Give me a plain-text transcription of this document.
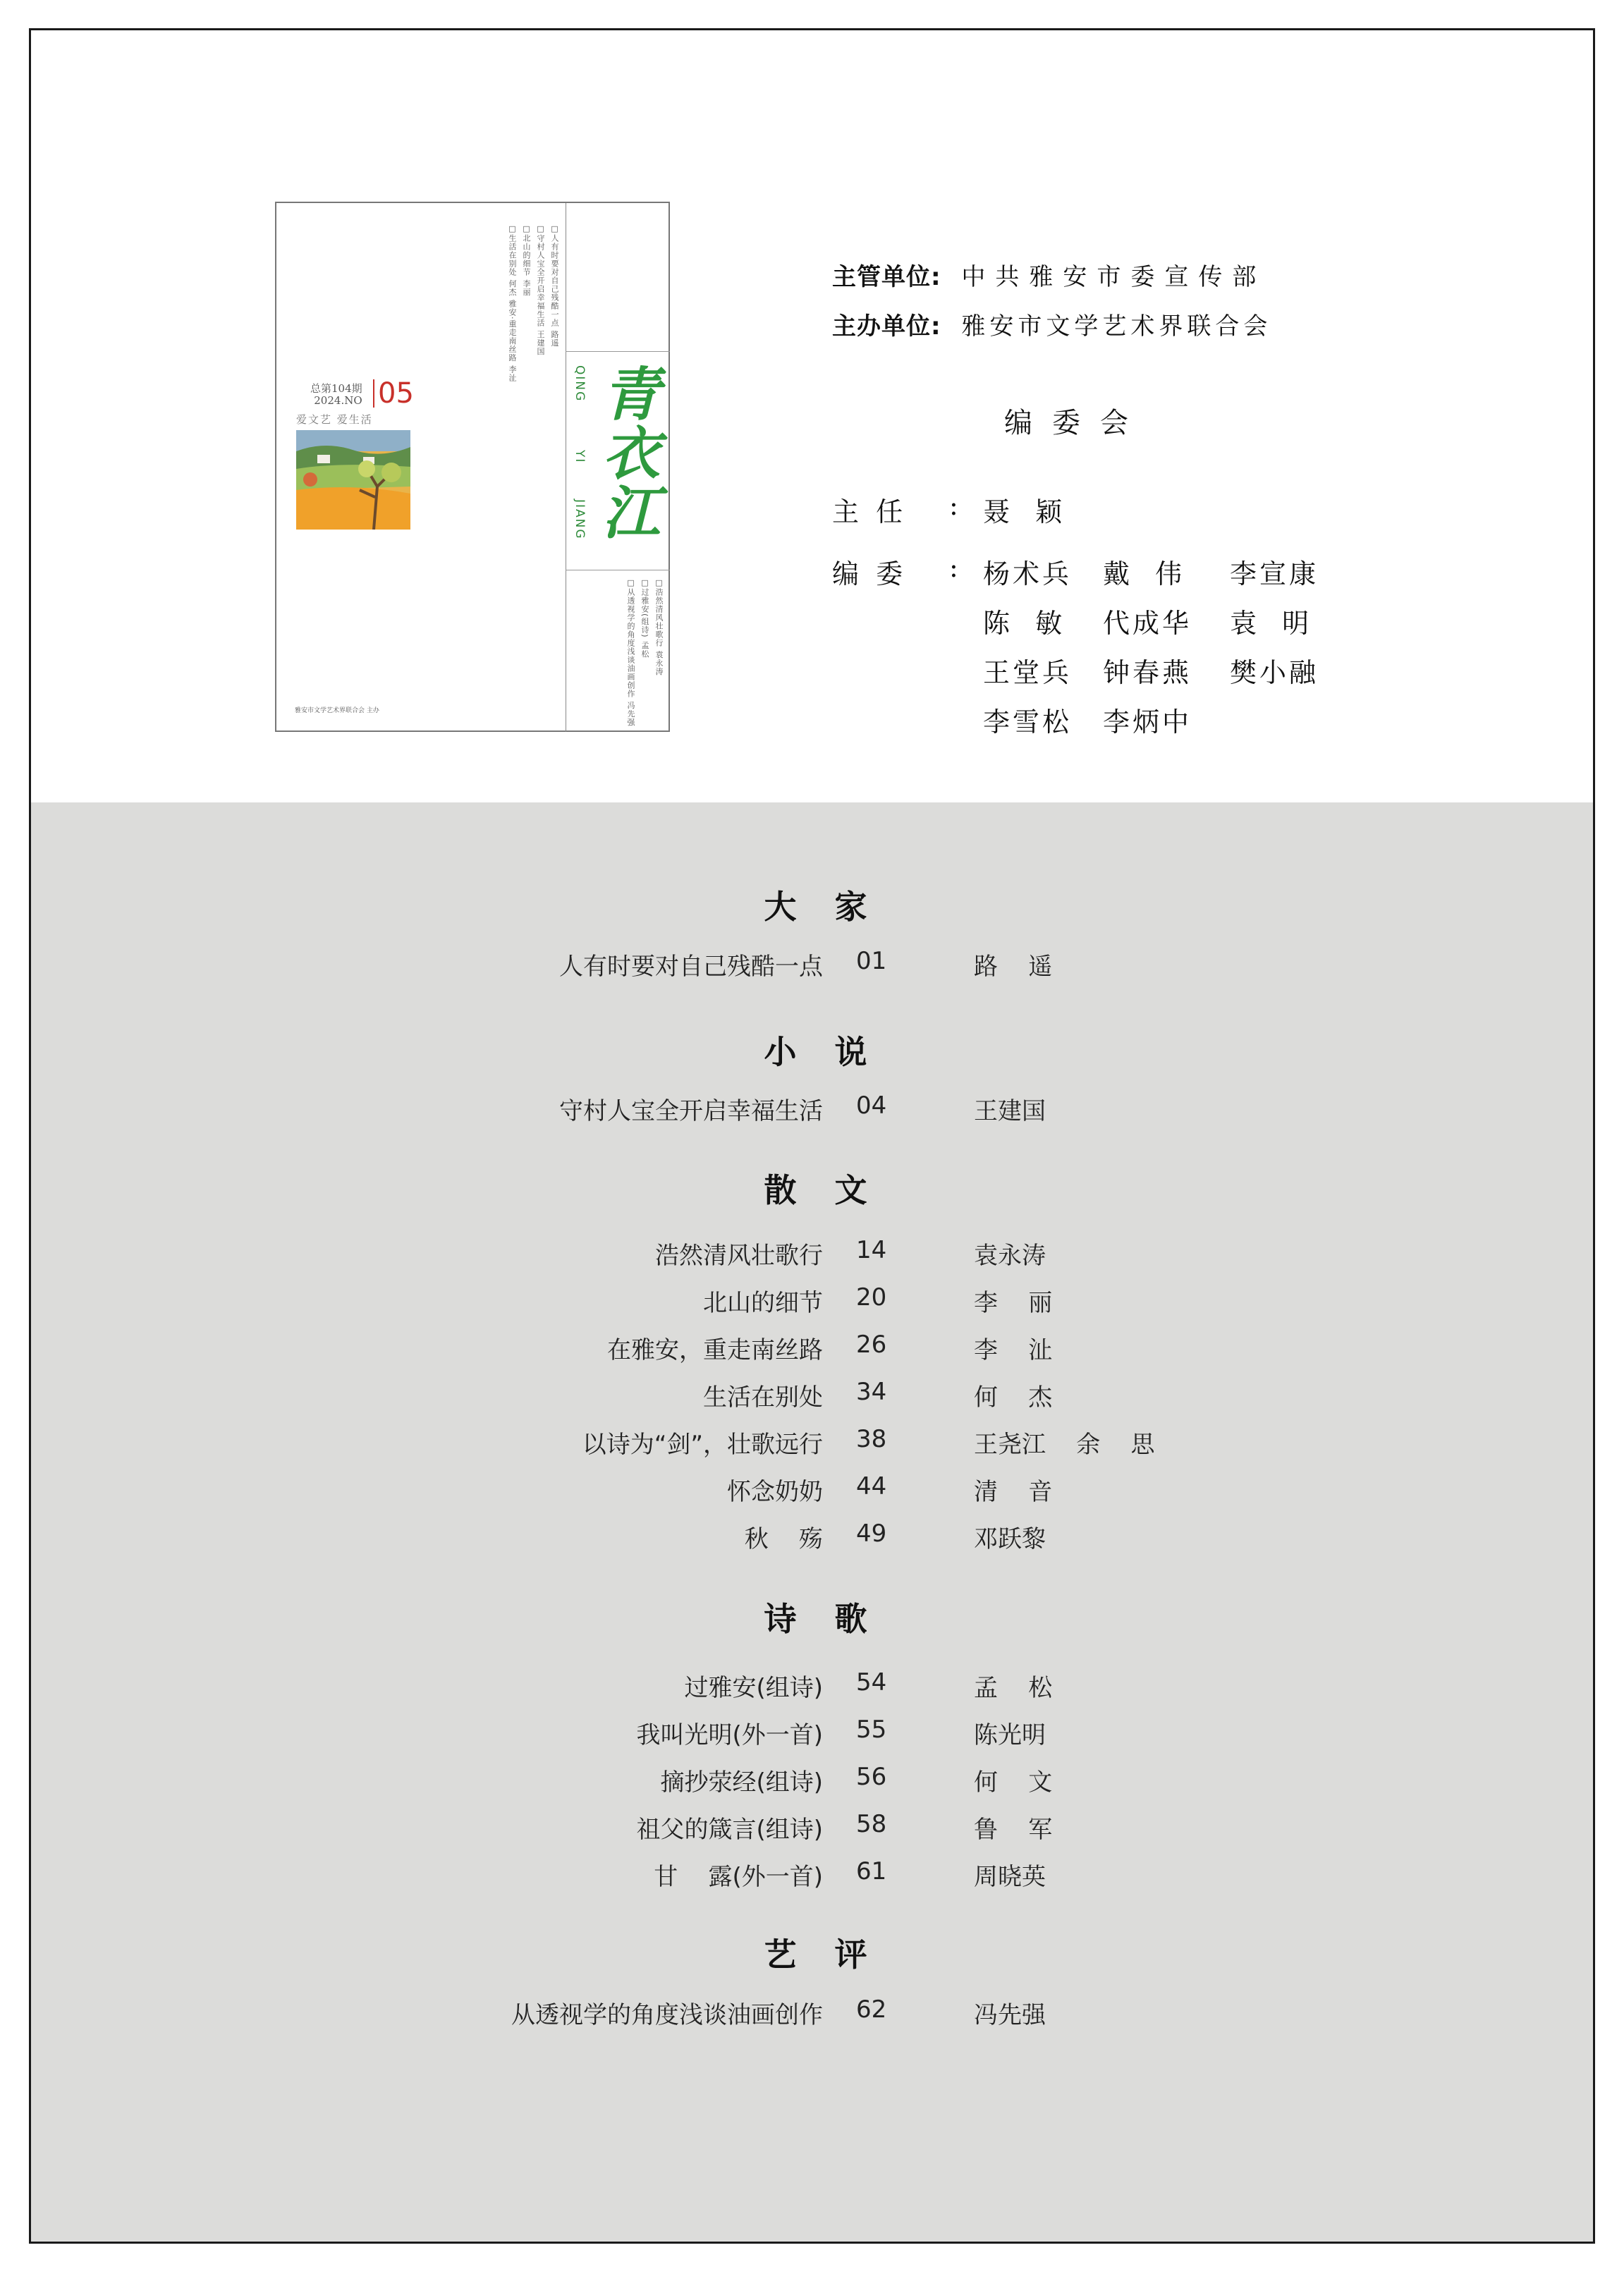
□人有时要对自己残酷一点 路遥
□守村人宝全开启幸福生活 王建国
□北山的细节 李丽
□生活在别处 何杰 雅安·重走南丝路 李沚
QING
YI
JIANG
青衣江
□浩然清风壮歌行 袁永涛
□过雅安(组诗) 孟松
□从透视学的角度浅谈油画创作 冯先强
总第104期
2024.NO 05
爱文艺 爱生活
雅安市文学艺术界联合会 主办
主管单位: 中共雅安市委宣传部
主办单位: 雅安市文学艺术界联合会
编委会
主  任 : 聂  颖
编  委 : 杨术兵 戴  伟 李宣康
陈  敏 代成华 袁  明
王堂兵 钟春燕 樊小融
李雪松 李炳中
大 家
人有时要对自己残酷一点 01	路    遥
小 说
守村人宝全开启幸福生活 04	王建国
散 文
浩然清风壮歌行 14	袁永涛
北山的细节 20	李    丽
在雅安，重走南丝路 26	李    沚
生活在别处 34	何    杰
以诗为“剑”，壮歌远行 38	王尧江    余    思
怀念奶奶 44	清    音
秋    殇 49	邓跃黎
诗 歌
过雅安(组诗) 54	孟    松
我叫光明(外一首) 55	陈光明
摘抄荥经(组诗) 56	何    文
祖父的箴言(组诗) 58	鲁    军
甘    露(外一首) 61	周晓英
艺 评
从透视学的角度浅谈油画创作 62	冯先强
